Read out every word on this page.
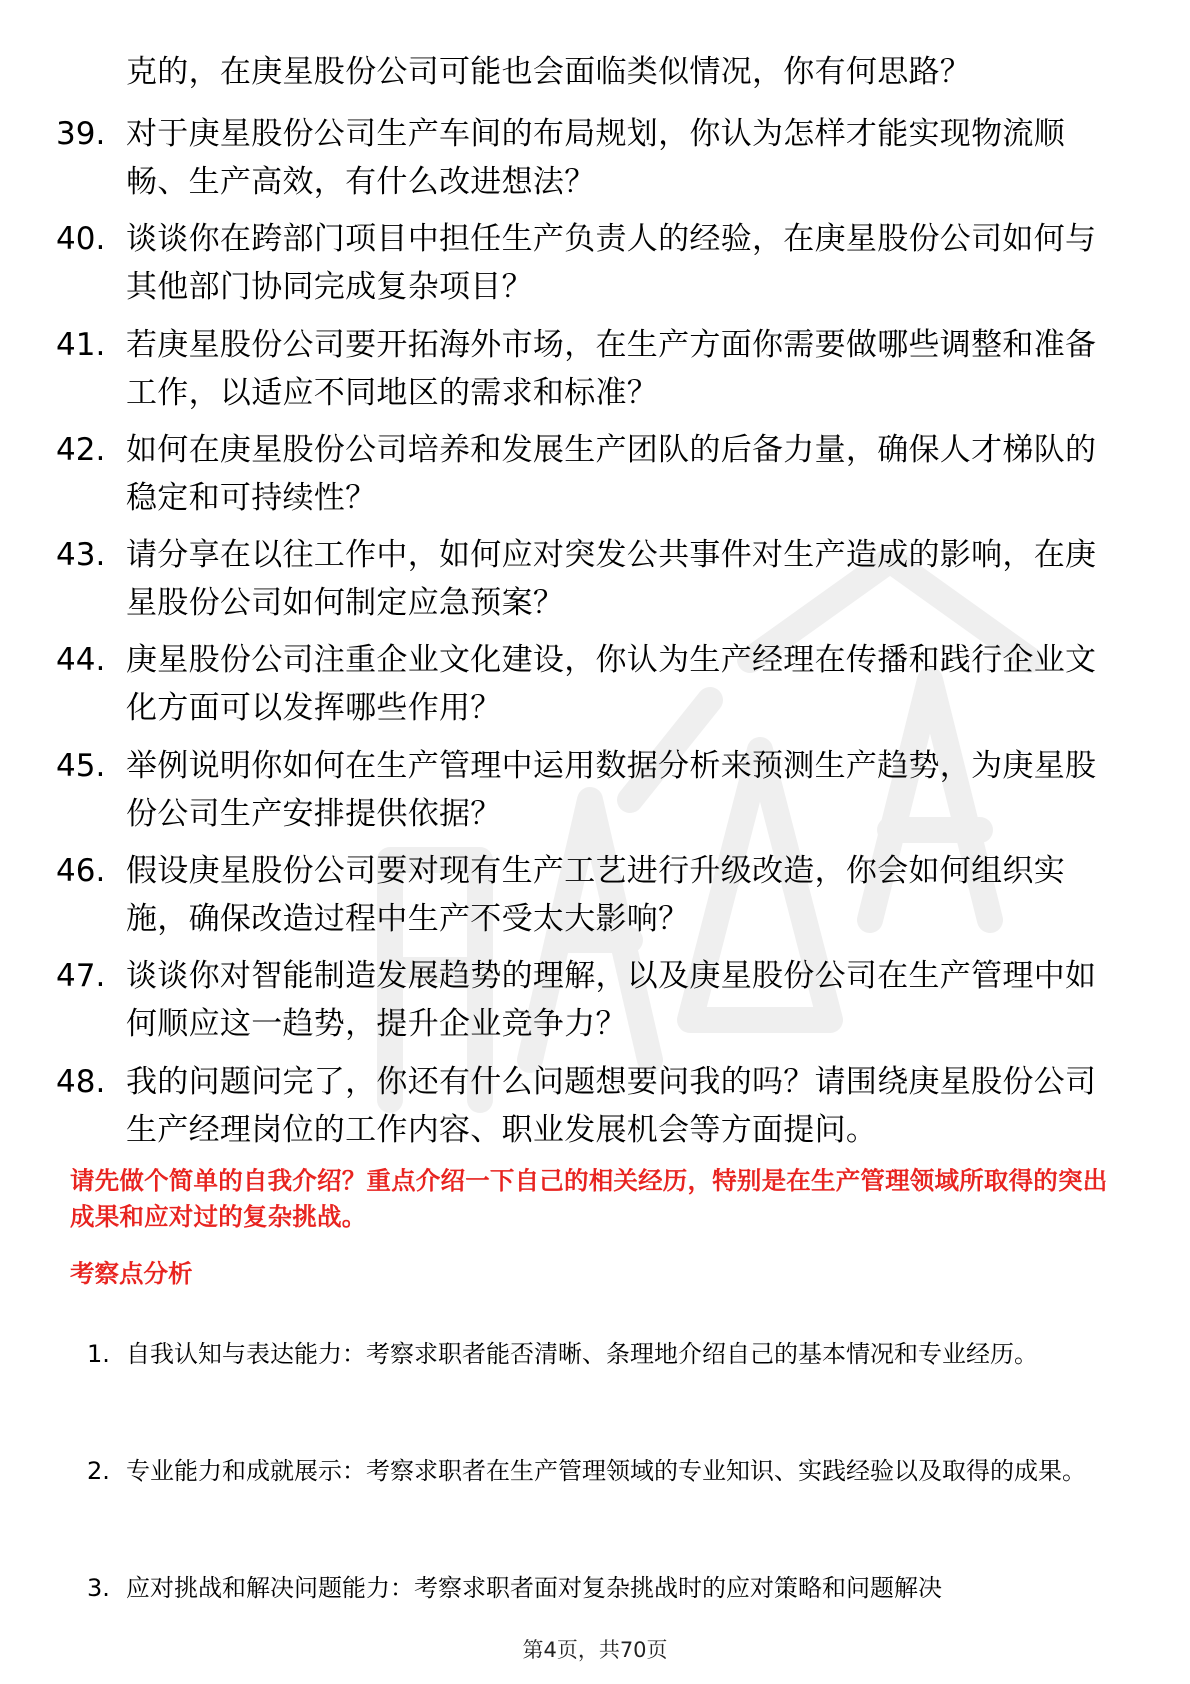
克的，在庚星股份公司可能也会面临类似情况，你有何思路？
39. 对于庚星股份公司生产车间的布局规划，你认为怎样才能实现物流顺畅、生产高效，有什么改进想法？
40. 谈谈你在跨部门项目中担任生产负责人的经验，在庚星股份公司如何与其他部门协同完成复杂项目？
41. 若庚星股份公司要开拓海外市场，在生产方面你需要做哪些调整和准备工作，以适应不同地区的需求和标准？
42. 如何在庚星股份公司培养和发展生产团队的后备力量，确保人才梯队的稳定和可持续性？
43. 请分享在以往工作中，如何应对突发公共事件对生产造成的影响，在庚星股份公司如何制定应急预案？
44. 庚星股份公司注重企业文化建设，你认为生产经理在传播和践行企业文化方面可以发挥哪些作用？
45. 举例说明你如何在生产管理中运用数据分析来预测生产趋势，为庚星股份公司生产安排提供依据？
46. 假设庚星股份公司要对现有生产工艺进行升级改造，你会如何组织实施，确保改造过程中生产不受太大影响？
47. 谈谈你对智能制造发展趋势的理解，以及庚星股份公司在生产管理中如何顺应这一趋势，提升企业竞争力？
48. 我的问题问完了，你还有什么问题想要问我的吗？请围绕庚星股份公司生产经理岗位的工作内容、职业发展机会等方面提问。
请先做个简单的自我介绍？重点介绍一下自己的相关经历，特别是在生产管理领域所取得的突出成果和应对过的复杂挑战。
考察点分析
1. 自我认知与表达能力：考察求职者能否清晰、条理地介绍自己的基本情况和专业经历。
2. 专业能力和成就展示：考察求职者在生产管理领域的专业知识、实践经验以及取得的成果。
3. 应对挑战和解决问题能力：考察求职者面对复杂挑战时的应对策略和问题解决
第4页，共70页
